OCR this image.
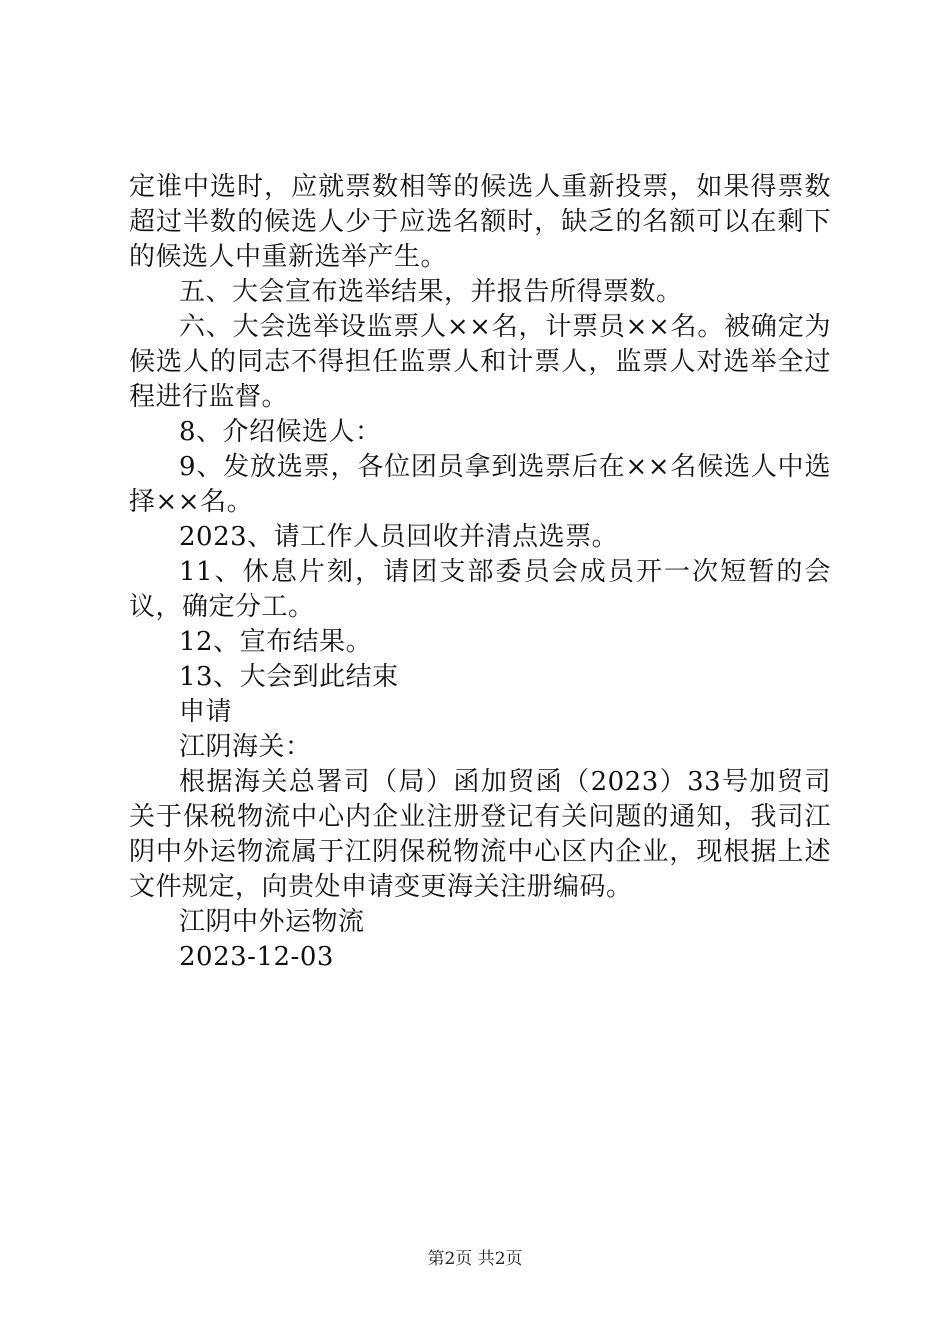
定谁中选时，应就票数相等的候选人重新投票，如果得票数超过半数的候选人少于应选名额时，缺乏的名额可以在剩下的候选人中重新选举产生。

五、大会宣布选举结果，并报告所得票数。

六、大会选举设监票人××名，计票员××名。被确定为候选人的同志不得担任监票人和计票人，监票人对选举全过程进行监督。

8、介绍候选人：

9、发放选票，各位团员拿到选票后在××名候选人中选择××名。

2023、请工作人员回收并清点选票。

11、休息片刻，请团支部委员会成员开一次短暂的会议，确定分工。

12、宣布结果。

13、大会到此结束

申请

江阴海关：

根据海关总署司（局）函加贸函（2023）33号加贸司关于保税物流中心内企业注册登记有关问题的通知，我司江阴中外运物流属于江阴保税物流中心区内企业，现根据上述文件规定，向贵处申请变更海关注册编码。

江阴中外运物流

2023-12-03

第2页 共2页
